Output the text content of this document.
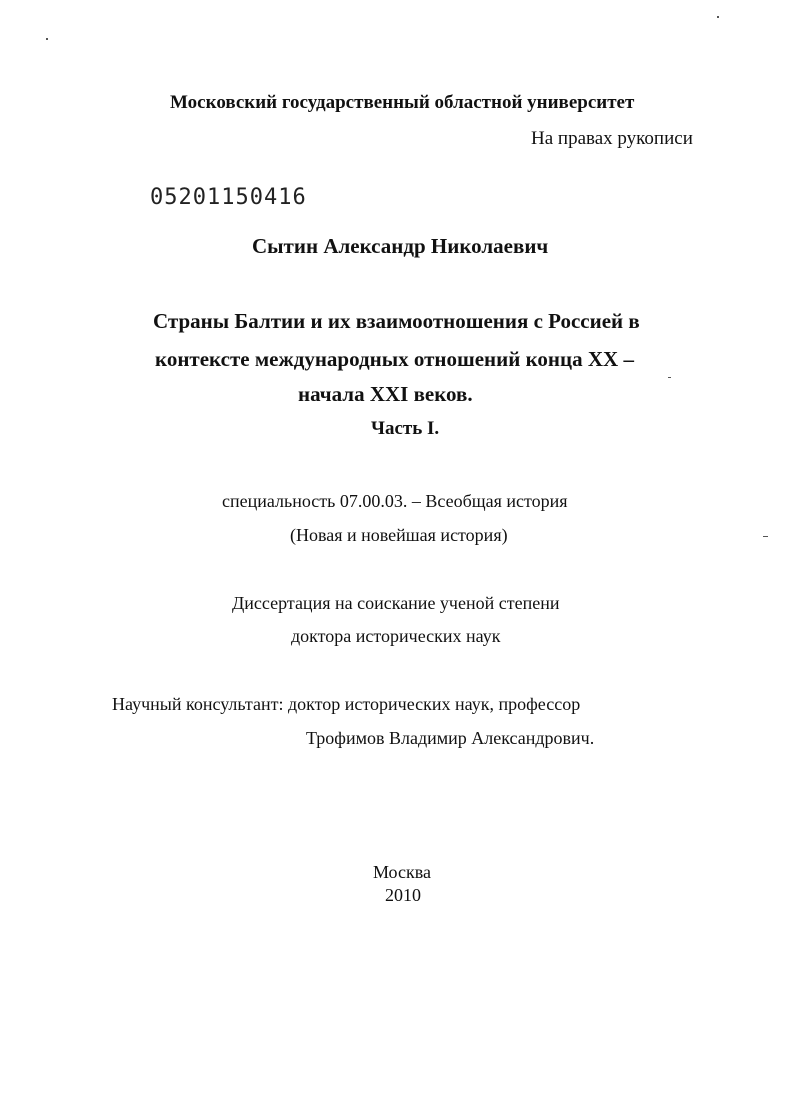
Московский государственный областной университет
На правах рукописи
05201150416
Сытин Александр Николаевич
Страны Балтии и их взаимоотношения с Россией в
контексте международных отношений конца XX –
начала XXI веков.
Часть I.
специальность 07.00.03. – Всеобщая история
(Новая и новейшая история)
Диссертация на соискание ученой степени
доктора исторических наук
Научный консультант: доктор исторических наук, профессор
Трофимов Владимир Александрович.
Москва
2010
